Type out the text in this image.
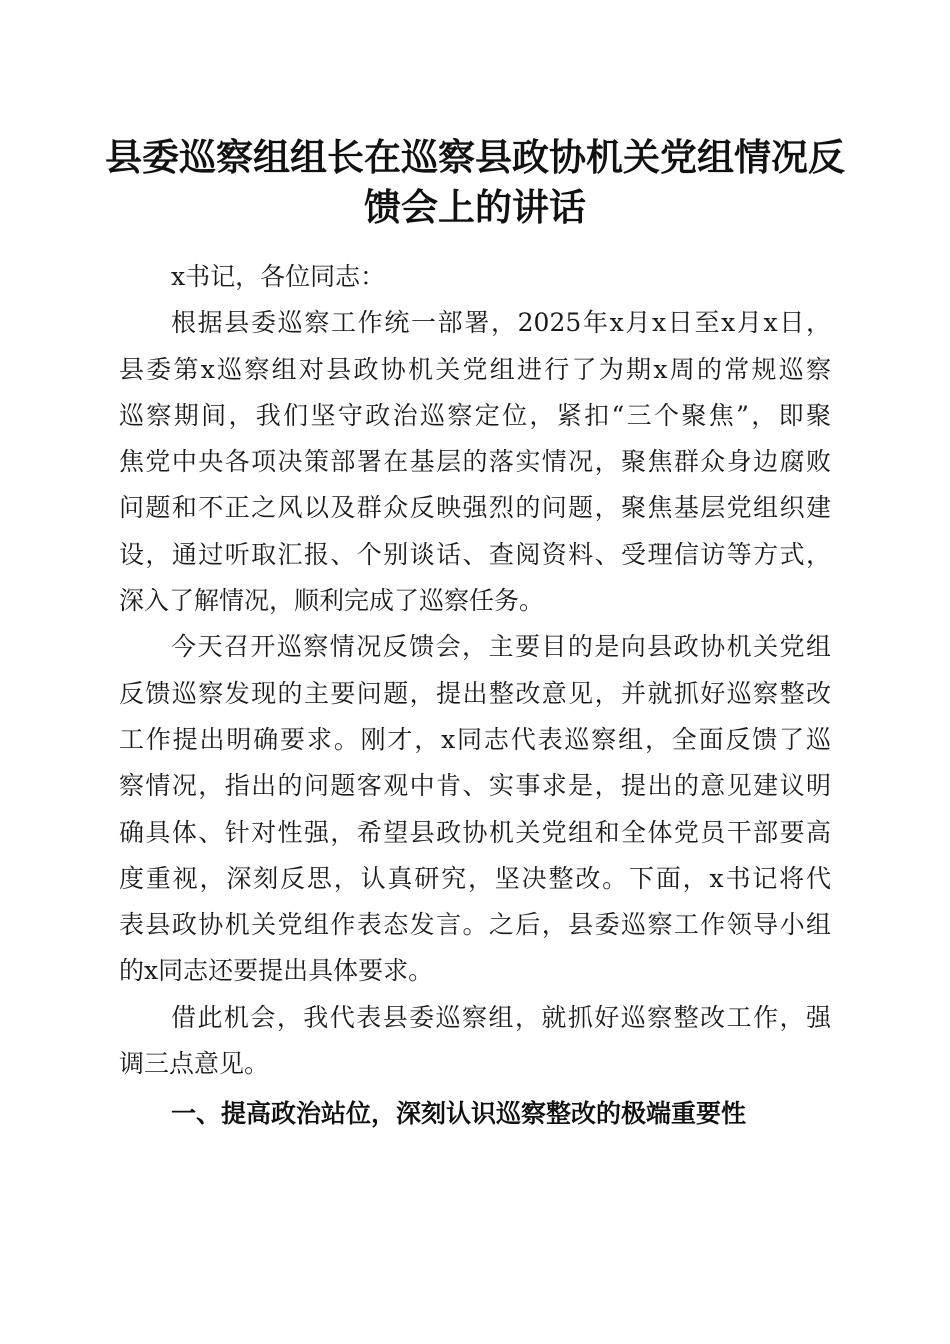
县委巡察组组长在巡察县政协机关党组情况反
馈会上的讲话
x书记，各位同志：
根据县委巡察工作统一部署，2025年x月x日至x月x日，
县委第x巡察组对县政协机关党组进行了为期x周的常规巡察
巡察期间，我们坚守政治巡察定位，紧扣“三个聚焦”，即聚
焦党中央各项决策部署在基层的落实情况，聚焦群众身边腐败
问题和不正之风以及群众反映强烈的问题，聚焦基层党组织建
设，通过听取汇报、个别谈话、查阅资料、受理信访等方式，
深入了解情况，顺利完成了巡察任务。
今天召开巡察情况反馈会，主要目的是向县政协机关党组
反馈巡察发现的主要问题，提出整改意见，并就抓好巡察整改
工作提出明确要求。刚才，x同志代表巡察组，全面反馈了巡
察情况，指出的问题客观中肯、实事求是，提出的意见建议明
确具体、针对性强，希望县政协机关党组和全体党员干部要高
度重视，深刻反思，认真研究，坚决整改。下面，x书记将代
表县政协机关党组作表态发言。之后，县委巡察工作领导小组
的x同志还要提出具体要求。
借此机会，我代表县委巡察组，就抓好巡察整改工作，强
调三点意见。
一、提高政治站位，深刻认识巡察整改的极端重要性
